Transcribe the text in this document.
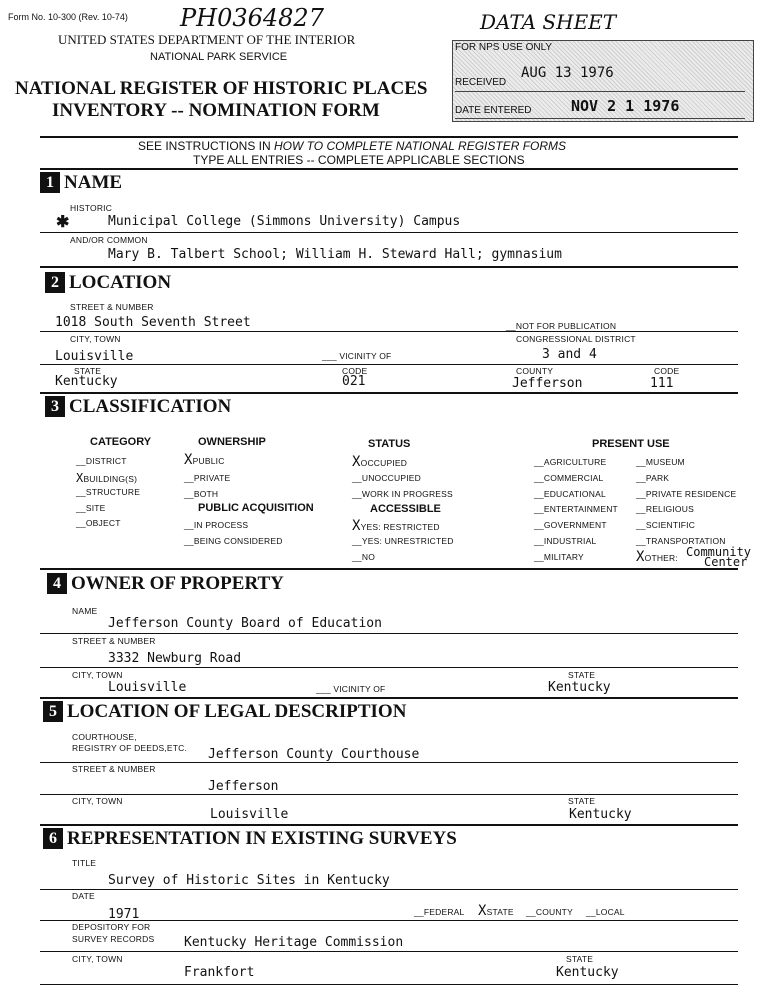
Form No. 10-300 (Rev. 10-74) PH0364827	DATA SHEET
UNITED STATES DEPARTMENT OF THE INTERIOR
NATIONAL PARK SERVICE
NATIONAL REGISTER OF HISTORIC PLACES
INVENTORY -- NOMINATION FORM
FOR NPS USE ONLY
RECEIVED
AUG 13 1976
DATE ENTERED	NOV 2 1 1976
SEE INSTRUCTIONS IN HOW TO COMPLETE NATIONAL REGISTER FORMS
TYPE ALL ENTRIES -- COMPLETE APPLICABLE SECTIONS
1 NAME
HISTORIC
✱	Municipal College (Simmons University) Campus
AND/OR COMMON
Mary B. Talbert School; William H. Steward Hall; gymnasium
2 LOCATION
STREET & NUMBER
1018 South Seventh Street	__NOT FOR PUBLICATION
CITY, TOWN	CONGRESSIONAL DISTRICT
Louisville	___ VICINITY OF	3 and 4
STATE	CODE	COUNTY	CODE
Kentucky	021	Jefferson	111
3 CLASSIFICATION
CATEGORY
__DISTRICT
XBUILDING(S)
__STRUCTURE
__SITE
__OBJECT
OWNERSHIP
XPUBLIC
__PRIVATE
__BOTH
PUBLIC ACQUISITION
__IN PROCESS
__BEING CONSIDERED
STATUS
XOCCUPIED
__UNOCCUPIED
__WORK IN PROGRESS
ACCESSIBLE
XYES: RESTRICTED
__YES: UNRESTRICTED
__NO
PRESENT USE
__AGRICULTURE
__COMMERCIAL
__EDUCATIONAL
__ENTERTAINMENT
__GOVERNMENT
__INDUSTRIAL
__MILITARY
__MUSEUM
__PARK
__PRIVATE RESIDENCE
__RELIGIOUS
__SCIENTIFIC
__TRANSPORTATION
XOTHER: Community
Center
4 OWNER OF PROPERTY
NAME
Jefferson County Board of Education
STREET & NUMBER
3332 Newburg Road
CITY, TOWN	STATE
Louisville	___ VICINITY OF	Kentucky
5 LOCATION OF LEGAL DESCRIPTION
COURTHOUSE,
REGISTRY OF DEEDS,ETC. Jefferson County Courthouse
STREET & NUMBER
Jefferson
CITY, TOWN	STATE
Louisville	Kentucky
6 REPRESENTATION IN EXISTING SURVEYS
TITLE
Survey of Historic Sites in Kentucky
DATE
1971	__FEDERAL XSTATE __COUNTY __LOCAL
DEPOSITORY FOR
SURVEY RECORDS Kentucky Heritage Commission
CITY, TOWN	STATE
Frankfort	Kentucky
